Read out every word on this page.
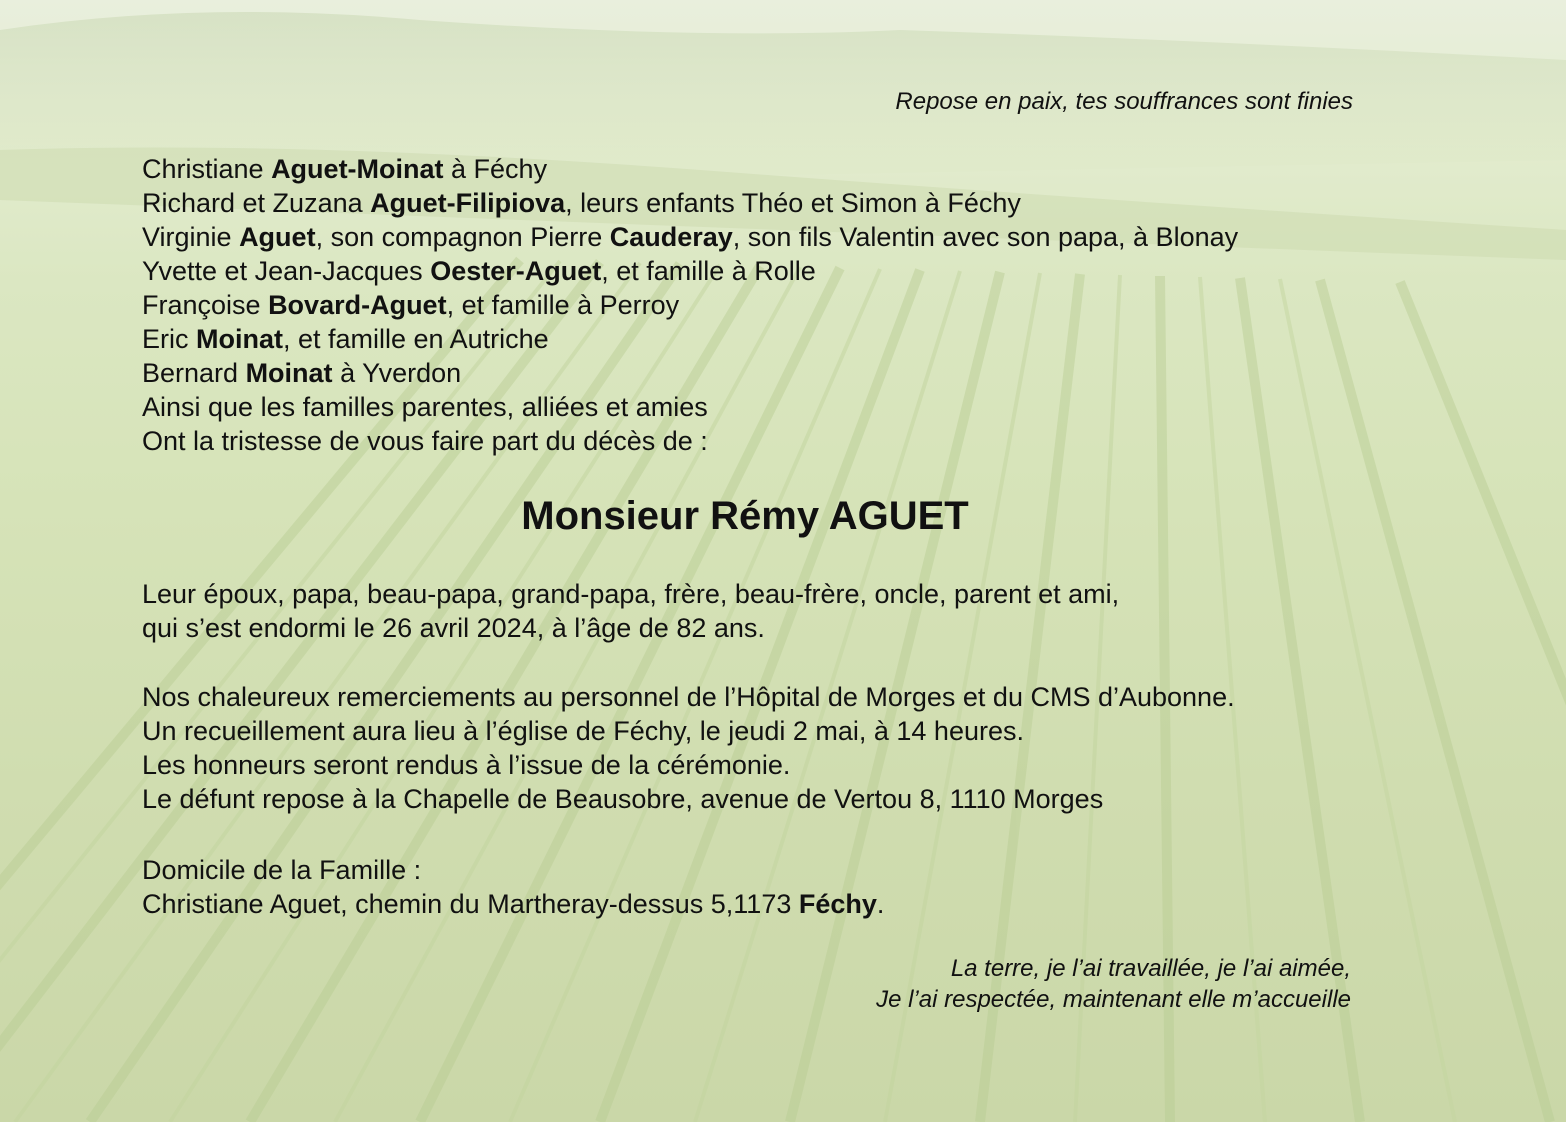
Repose en paix, tes souffrances sont finies
Christiane Aguet-Moinat à Féchy
Richard et Zuzana Aguet-Filipiova, leurs enfants Théo et Simon à Féchy
Virginie Aguet, son compagnon Pierre Cauderay, son fils Valentin avec son papa, à Blonay
Yvette et Jean-Jacques Oester-Aguet, et famille à Rolle
Françoise Bovard-Aguet, et famille à Perroy
Eric Moinat, et famille en Autriche
Bernard Moinat à Yverdon
Ainsi que les familles parentes, alliées et amies
Ont la tristesse de vous faire part du décès de :
Monsieur Rémy AGUET
Leur époux, papa, beau-papa, grand-papa, frère, beau-frère, oncle, parent et ami,
qui s’est endormi le 26 avril 2024, à l’âge de 82 ans.
Nos chaleureux remerciements au personnel de l’Hôpital de Morges et du CMS d’Aubonne.
Un recueillement aura lieu à l’église de Féchy, le jeudi 2 mai, à 14 heures.
Les honneurs seront rendus à l’issue de la cérémonie.
Le défunt repose à la Chapelle de Beausobre, avenue de Vertou 8, 1110 Morges
Domicile de la Famille :
Christiane Aguet, chemin du Martheray-dessus 5,1173 Féchy.
La terre, je l’ai travaillée, je l’ai aimée,
Je l’ai respectée, maintenant elle m’accueille
